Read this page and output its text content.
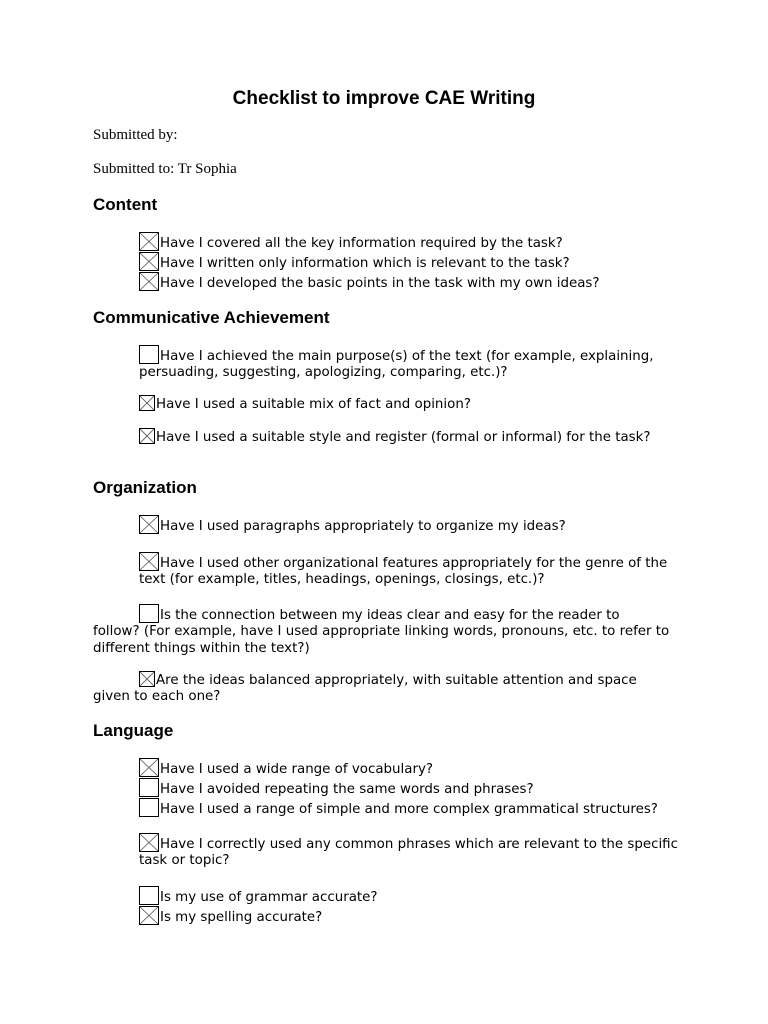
Checklist to improve CAE Writing
Submitted by:
Submitted to: Tr Sophia
Content
Have I covered all the key information required by the task?
Have I written only information which is relevant to the task?
Have I developed the basic points in the task with my own ideas?
Communicative Achievement
Have I achieved the main purpose(s) of the text (for example, explaining, persuading, suggesting, apologizing, comparing, etc.)?
Have I used a suitable mix of fact and opinion?
Have I used a suitable style and register (formal or informal) for the task?
Organization
Have I used paragraphs appropriately to organize my ideas?
Have I used other organizational features appropriately for the genre of the text (for example, titles, headings, openings, closings, etc.)?
Is the connection between my ideas clear and easy for the reader to
follow? (For example, have I used appropriate linking words, pronouns, etc. to refer to different things within the text?)
Are the ideas balanced appropriately, with suitable attention and space
given to each one?
Language
Have I used a wide range of vocabulary?
Have I avoided repeating the same words and phrases?
Have I used a range of simple and more complex grammatical structures?
Have I correctly used any common phrases which are relevant to the specific task or topic?
Is my use of grammar accurate?
Is my spelling accurate?
